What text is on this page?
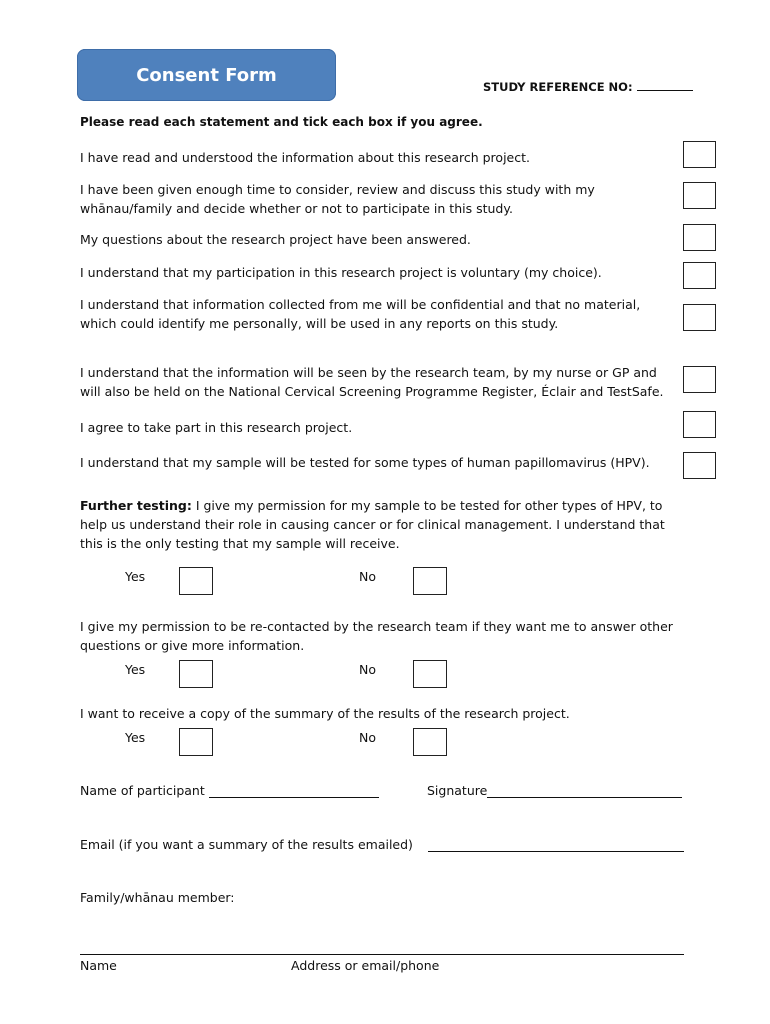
Consent Form
STUDY REFERENCE NO:
Please read each statement and tick each box if you agree.
I have read and understood the information about this research project.
I have been given enough time to consider, review and discuss this study with my whānau/family and decide whether or not to participate in this study.
My questions about the research project have been answered.
I understand that my participation in this research project is voluntary (my choice).
I understand that information collected from me will be confidential and that no material, which could identify me personally, will be used in any reports on this study.
I understand that the information will be seen by the research team, by my nurse or GP and will also be held on the National Cervical Screening Programme Register, Éclair and TestSafe.
I agree to take part in this research project.
I understand that my sample will be tested for some types of human papillomavirus (HPV).
Further testing: I give my permission for my sample to be tested for other types of HPV, to help us understand their role in causing cancer or for clinical management. I understand that this is the only testing that my sample will receive.
Yes	No
I give my permission to be re-contacted by the research team if they want me to answer other questions or give more information.
Yes	No
I want to receive a copy of the summary of the results of the research project.
Yes	No
Name of participant	Signature
Email (if you want a summary of the results emailed)
Family/whānau member:
Name	Address or email/phone
